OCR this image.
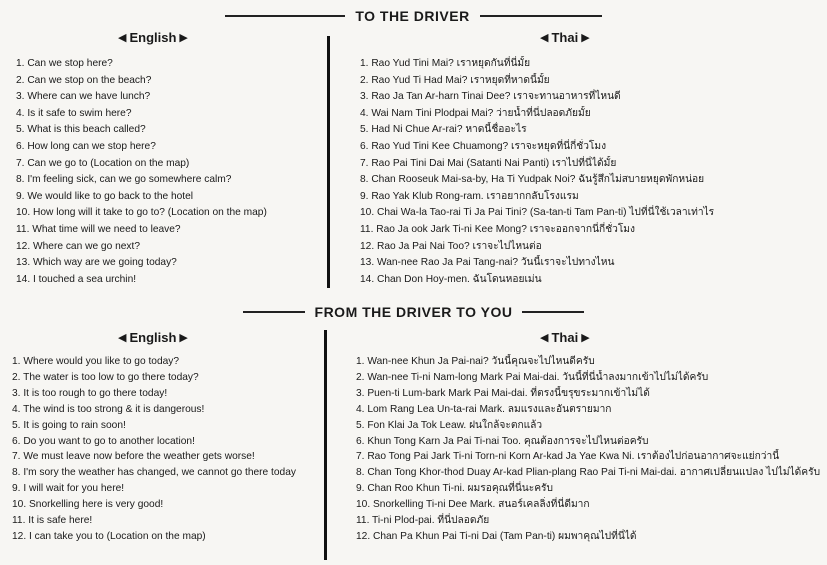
TO THE DRIVER
◀ English ▶	◀ Thai ▶
1. Can we stop here?
2. Can we stop on the beach?
3. Where can we have lunch?
4. Is it safe to swim here?
5. What is this beach called?
6. How long can we stop here?
7. Can we go to (Location on the map)
8. I'm feeling sick, can we go somewhere calm?
9. We would like to go back to the hotel
10. How long will it take to go to? (Location on the map)
11. What time will we need to leave?
12. Where can we go next?
13. Which way are we going today?
14. I touched a sea urchin!
1. Rao Yud Tini Mai? เราหยุดกันที่นี่มั้ย
2. Rao Yud Ti Had Mai? เราหยุดที่หาดนี้มั้ย
3. Rao Ja Tan Ar-harn Tinai Dee? เราจะทานอาหารที่ไหนดี
4. Wai Nam Tini Plodpai Mai? ว่ายน้ำที่นี่ปลอดภัยมั้ย
5. Had Ni Chue Ar-rai? หาดนี้ชื่ออะไร
6. Rao Yud Tini Kee Chuamong? เราจะหยุดที่นี่กี่ชั่วโมง
7. Rao Pai Tini Dai Mai (Satanti Nai Panti) เราไปที่นี่ได้มั้ย
8. Chan Rooseuk Mai-sa-by, Ha Ti Yudpak Noi? ฉันรู้สึกไม่สบายหยุดพักหน่อย
9. Rao Yak Klub Rong-ram. เราอยากกลับโรงแรม
10. Chai Wa-la Tao-rai Ti Ja Pai Tini? (Sa-tan-ti Tam Pan-ti) ไปที่นี่ใช้เวลาเท่าไร
11. Rao Ja ook Jark Ti-ni Kee Mong? เราจะออกจากนี่กี่ชั่วโมง
12. Rao Ja Pai Nai Too? เราจะไปไหนต่อ
13. Wan-nee Rao Ja Pai Tang-nai? วันนี้เราจะไปทางไหน
14. Chan Don Hoy-men. ฉันโดนหอยเม่น
FROM THE DRIVER TO YOU
◀ English ▶	◀ Thai ▶
1. Where would you like to go today?
2. The water is too low to go there today?
3. It is too rough to go there today!
4. The wind is too strong & it is dangerous!
5. It is going to rain soon!
6. Do you want to go to another location!
7. We must leave now before the weather gets worse!
8. I'm sory the weather has changed, we cannot go there today
9. I will wait for you here!
10. Snorkelling here is very good!
11. It is safe here!
12. I can take you to (Location on the map)
1. Wan-nee Khun Ja Pai-nai? วันนี้คุณจะไปไหนดีครับ
2. Wan-nee Ti-ni Nam-long Mark Pai Mai-dai. วันนี้ที่นี่น้ำลงมากเข้าไปไม่ได้ครับ
3. Puen-ti Lum-bark Mark Pai Mai-dai. ที่ตรงนี้ขรุขระมากเข้าไม่ได้
4. Lom Rang Lea Un-ta-rai Mark. ลมแรงและอันตรายมาก
5. Fon Klai Ja Tok Leaw. ฝนใกล้จะตกแล้ว
6. Khun Tong Karn Ja Pai Ti-nai Too. คุณต้องการจะไปไหนต่อครับ
7. Rao Tong Pai Jark Ti-ni Torn-ni Korn Ar-kad Ja Yae Kwa Ni. เราต้องไปก่อนอากาศจะแย่กว่านี้
8. Chan Tong Khor-thod Duay Ar-kad Plian-plang Rao Pai Ti-ni Mai-dai. อากาศเปลี่ยนแปลง ไปไม่ได้ครับ
9. Chan Roo Khun Ti-ni. ผมรอคุณที่นี่นะครับ
10. Snorkelling Ti-ni Dee Mark. สนอร์เคลลิ่งที่นี่ดีมาก
11. Ti-ni Plod-pai. ที่นี่ปลอดภัย
12. Chan Pa Khun Pai Ti-ni Dai (Tam Pan-ti) ผมพาคุณไปที่นี่ได้
